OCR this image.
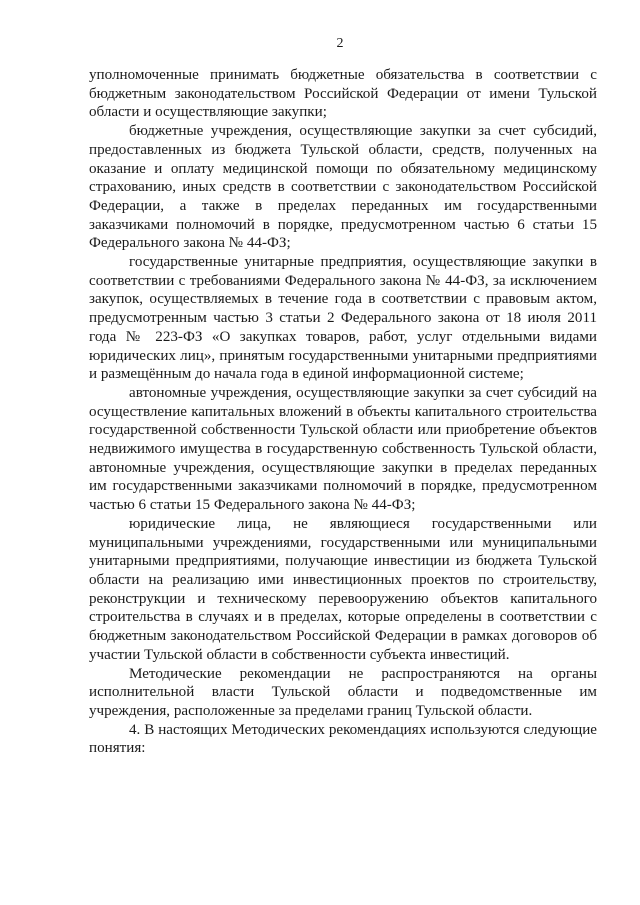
2

уполномоченные принимать бюджетные обязательства в соответствии с бюджетным законодательством Российской Федерации от имени Тульской области и осуществляющие закупки;

бюджетные учреждения, осуществляющие закупки за счет субсидий, предоставленных из бюджета Тульской области, средств, полученных на оказание и оплату медицинской помощи по обязательному медицинскому страхованию, иных средств в соответствии с законодательством Российской Федерации, а также в пределах переданных им государственными заказчиками полномочий в порядке, предусмотренном частью 6 статьи 15 Федерального закона № 44-ФЗ;

государственные унитарные предприятия, осуществляющие закупки в соответствии с требованиями Федерального закона № 44-ФЗ, за исключением закупок, осуществляемых в течение года в соответствии с правовым актом, предусмотренным частью 3 статьи 2 Федерального закона от 18 июля 2011 года № 223-ФЗ «О закупках товаров, работ, услуг отдельными видами юридических лиц», принятым государственными унитарными предприятиями и размещённым до начала года в единой информационной системе;

автономные учреждения, осуществляющие закупки за счет субсидий на осуществление капитальных вложений в объекты капитального строительства государственной собственности Тульской области или приобретение объектов недвижимого имущества в государственную собственность Тульской области, автономные учреждения, осуществляющие закупки в пределах переданных им государственными заказчиками полномочий в порядке, предусмотренном частью 6 статьи 15 Федерального закона № 44-ФЗ;

юридические лица, не являющиеся государственными или муниципальными учреждениями, государственными или муниципальными унитарными предприятиями, получающие инвестиции из бюджета Тульской области на реализацию ими инвестиционных проектов по строительству, реконструкции и техническому перевооружению объектов капитального строительства в случаях и в пределах, которые определены в соответствии с бюджетным законодательством Российской Федерации в рамках договоров об участии Тульской области в собственности субъекта инвестиций.

Методические рекомендации не распространяются на органы исполнительной власти Тульской области и подведомственные им учреждения, расположенные за пределами границ Тульской области.

4. В настоящих Методических рекомендациях используются следующие понятия:
